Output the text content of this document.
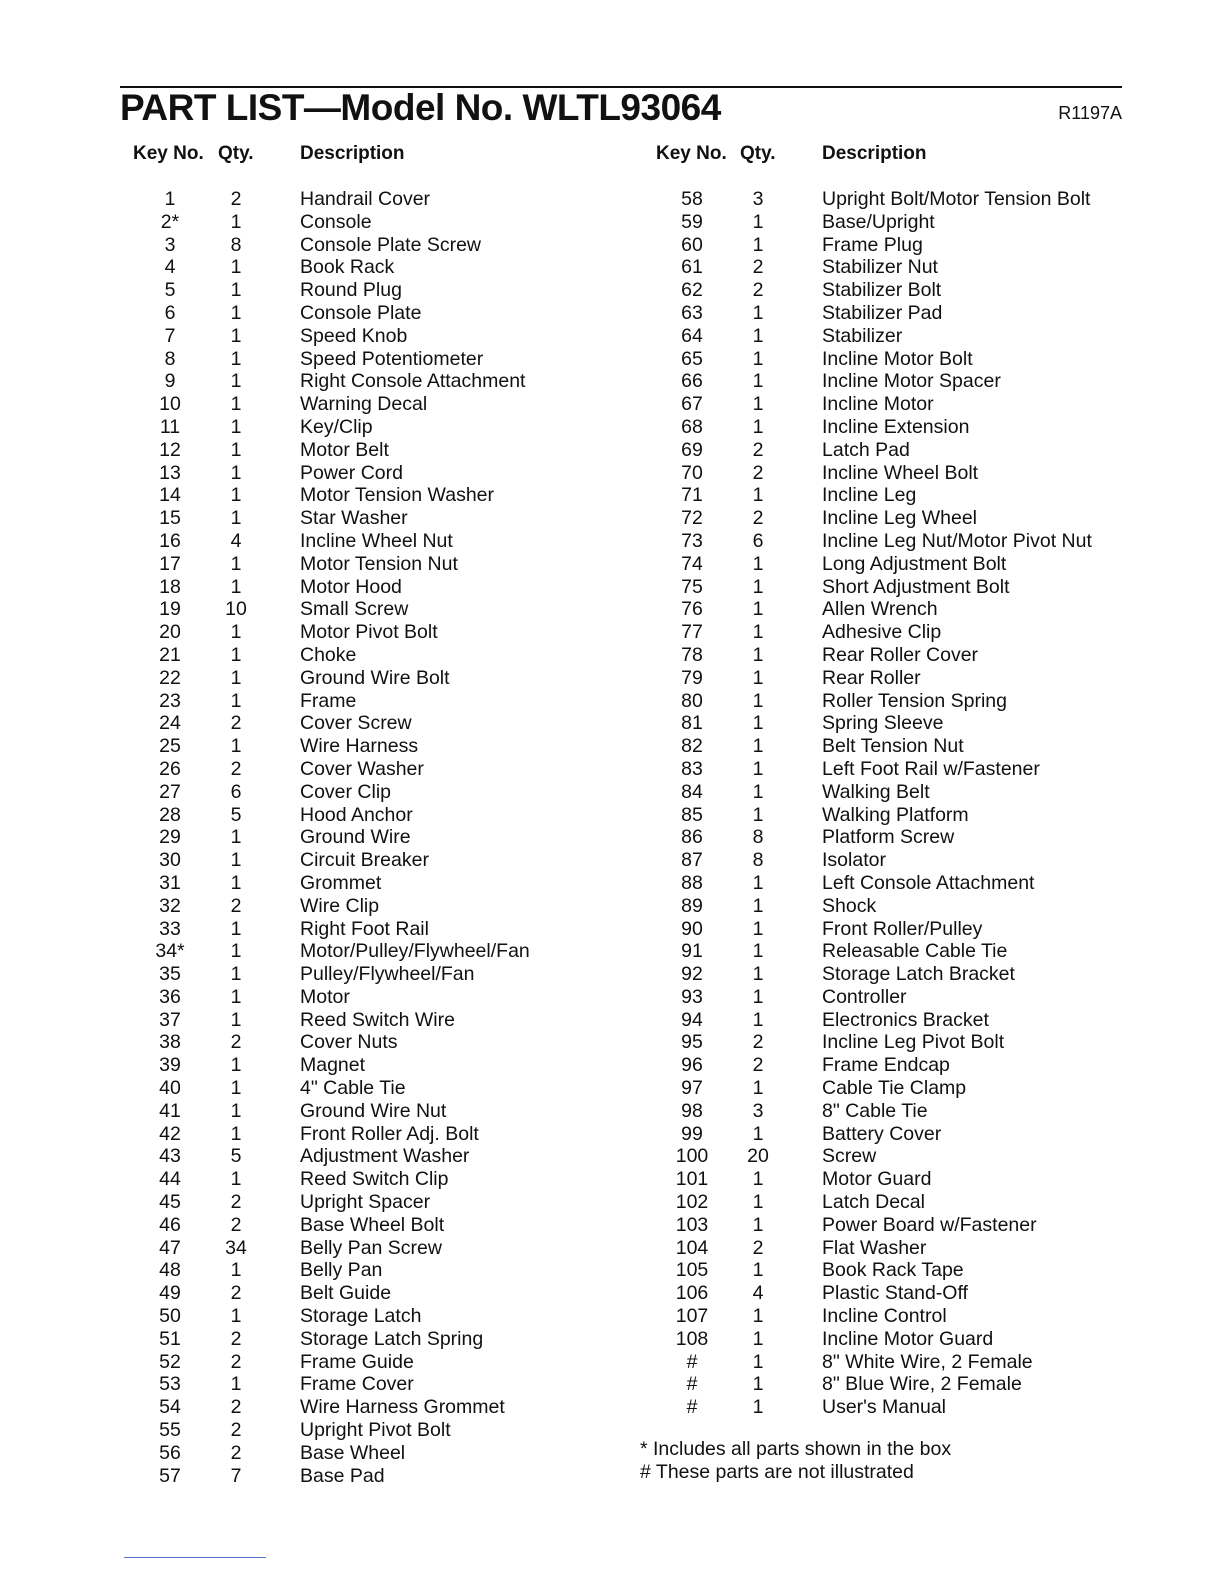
PART LIST—Model No. WLTL93064	R1197A
Key No. Qty. Description	Key No. Qty. Description
1	2	Handrail Cover
2*	1	Console
3	8	Console Plate Screw
4	1	Book Rack
5	1	Round Plug
6	1	Console Plate
7	1	Speed Knob
8	1	Speed Potentiometer
9	1	Right Console Attachment
10	1	Warning Decal
11	1	Key/Clip
12	1	Motor Belt
13	1	Power Cord
14	1	Motor Tension Washer
15	1	Star Washer
16	4	Incline Wheel Nut
17	1	Motor Tension Nut
18	1	Motor Hood
19	10	Small Screw
20	1	Motor Pivot Bolt
21	1	Choke
22	1	Ground Wire Bolt
23	1	Frame
24	2	Cover Screw
25	1	Wire Harness
26	2	Cover Washer
27	6	Cover Clip
28	5	Hood Anchor
29	1	Ground Wire
30	1	Circuit Breaker
31	1	Grommet
32	2	Wire Clip
33	1	Right Foot Rail
34*	1	Motor/Pulley/Flywheel/Fan
35	1	Pulley/Flywheel/Fan
36	1	Motor
37	1	Reed Switch Wire
38	2	Cover Nuts
39	1	Magnet
40	1	4" Cable Tie
41	1	Ground Wire Nut
42	1	Front Roller Adj. Bolt
43	5	Adjustment Washer
44	1	Reed Switch Clip
45	2	Upright Spacer
46	2	Base Wheel Bolt
47	34	Belly Pan Screw
48	1	Belly Pan
49	2	Belt Guide
50	1	Storage Latch
51	2	Storage Latch Spring
52	2	Frame Guide
53	1	Frame Cover
54	2	Wire Harness Grommet
55	2	Upright Pivot Bolt
56	2	Base Wheel
57	7	Base Pad
58	3	Upright Bolt/Motor Tension Bolt
59	1	Base/Upright
60	1	Frame Plug
61	2	Stabilizer Nut
62	2	Stabilizer Bolt
63	1	Stabilizer Pad
64	1	Stabilizer
65	1	Incline Motor Bolt
66	1	Incline Motor Spacer
67	1	Incline Motor
68	1	Incline Extension
69	2	Latch Pad
70	2	Incline Wheel Bolt
71	1	Incline Leg
72	2	Incline Leg Wheel
73	6	Incline Leg Nut/Motor Pivot Nut
74	1	Long Adjustment Bolt
75	1	Short Adjustment Bolt
76	1	Allen Wrench
77	1	Adhesive Clip
78	1	Rear Roller Cover
79	1	Rear Roller
80	1	Roller Tension Spring
81	1	Spring Sleeve
82	1	Belt Tension Nut
83	1	Left Foot Rail w/Fastener
84	1	Walking Belt
85	1	Walking Platform
86	8	Platform Screw
87	8	Isolator
88	1	Left Console Attachment
89	1	Shock
90	1	Front Roller/Pulley
91	1	Releasable Cable Tie
92	1	Storage Latch Bracket
93	1	Controller
94	1	Electronics Bracket
95	2	Incline Leg Pivot Bolt
96	2	Frame Endcap
97	1	Cable Tie Clamp
98	3	8" Cable Tie
99	1	Battery Cover
100	20	Screw
101	1	Motor Guard
102	1	Latch Decal
103	1	Power Board w/Fastener
104	2	Flat Washer
105	1	Book Rack Tape
106	4	Plastic Stand-Off
107	1	Incline Control
108	1	Incline Motor Guard
#	1	8" White Wire, 2 Female
#	1	8" Blue Wire, 2 Female
#	1	User's Manual
* Includes all parts shown in the box
# These parts are not illustrated
